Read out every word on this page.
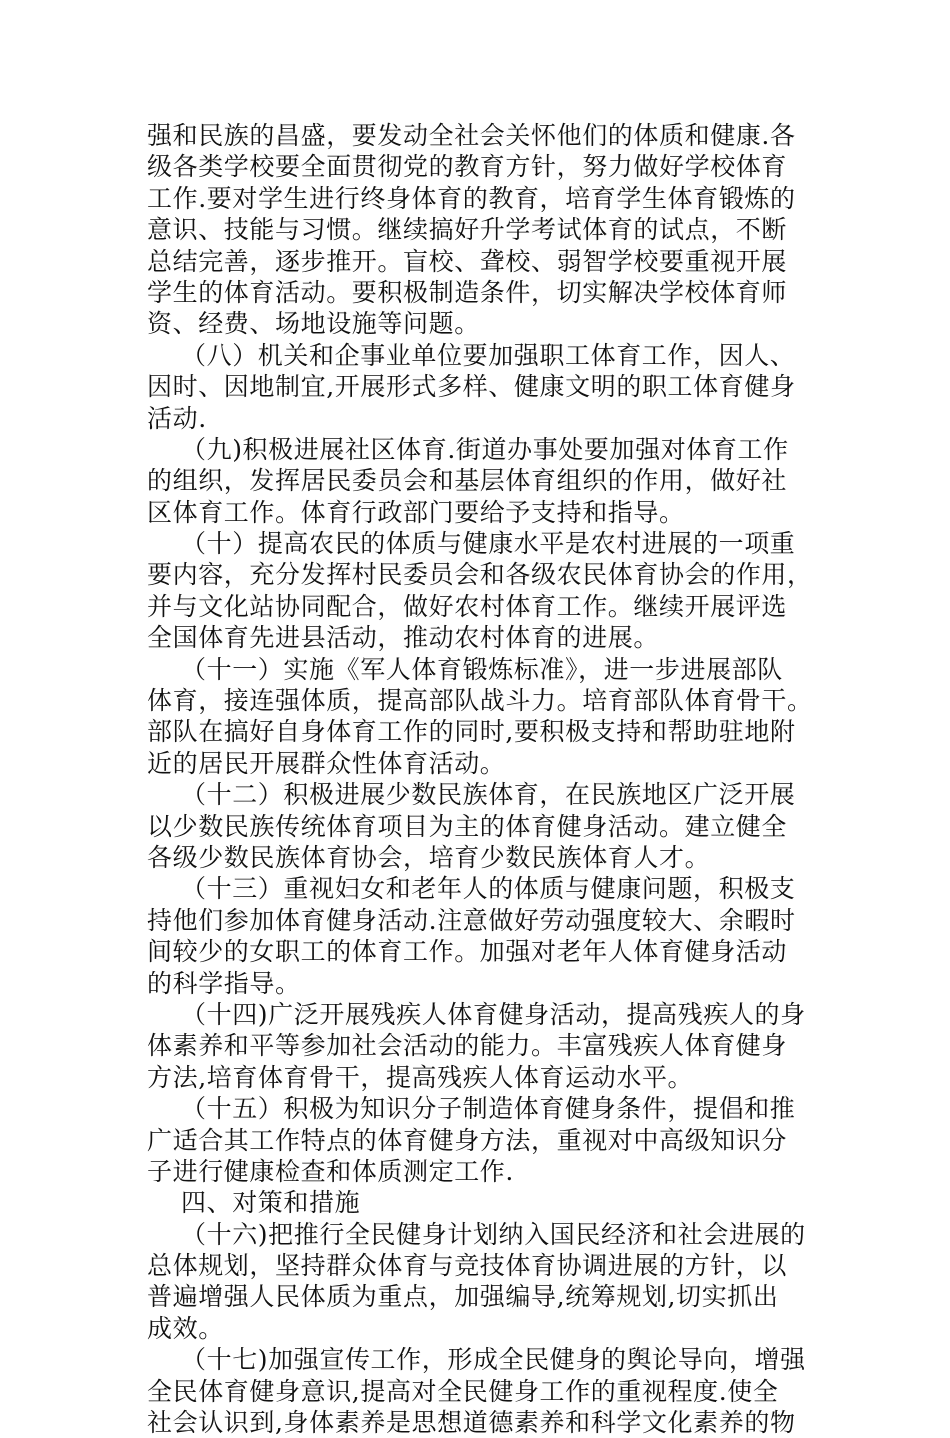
强和民族的昌盛，要发动全社会关怀他们的体质和健康.各
级各类学校要全面贯彻党的教育方针，努力做好学校体育
工作.要对学生进行终身体育的教育，培育学生体育锻炼的
意识、技能与习惯。继续搞好升学考试体育的试点，不断
总结完善，逐步推开。盲校、聋校、弱智学校要重视开展
学生的体育活动。要积极制造条件，切实解决学校体育师
资、经费、场地设施等问题。
（八）机关和企事业单位要加强职工体育工作，因人、
因时、因地制宜,开展形式多样、健康文明的职工体育健身
活动.
（九)积极进展社区体育.街道办事处要加强对体育工作
的组织，发挥居民委员会和基层体育组织的作用，做好社
区体育工作。体育行政部门要给予支持和指导。
（十）提高农民的体质与健康水平是农村进展的一项重
要内容，充分发挥村民委员会和各级农民体育协会的作用，
并与文化站协同配合，做好农村体育工作。继续开展评选
全国体育先进县活动，推动农村体育的进展。
（十一）实施《军人体育锻炼标准》，进一步进展部队
体育，接连强体质，提高部队战斗力。培育部队体育骨干。
部队在搞好自身体育工作的同时,要积极支持和帮助驻地附
近的居民开展群众性体育活动。
（十二）积极进展少数民族体育，在民族地区广泛开展
以少数民族传统体育项目为主的体育健身活动。建立健全
各级少数民族体育协会，培育少数民族体育人才。
（十三）重视妇女和老年人的体质与健康问题，积极支
持他们参加体育健身活动.注意做好劳动强度较大、余暇时
间较少的女职工的体育工作。加强对老年人体育健身活动
的科学指导。
（十四)广泛开展残疾人体育健身活动，提高残疾人的身
体素养和平等参加社会活动的能力。丰富残疾人体育健身
方法,培育体育骨干，提高残疾人体育运动水平。
（十五）积极为知识分子制造体育健身条件，提倡和推
广适合其工作特点的体育健身方法，重视对中高级知识分
子进行健康检查和体质测定工作.
四、对策和措施
（十六)把推行全民健身计划纳入国民经济和社会进展的
总体规划，坚持群众体育与竞技体育协调进展的方针，以
普遍增强人民体质为重点，加强编导,统筹规划,切实抓出
成效。
（十七)加强宣传工作，形成全民健身的舆论导向，增强
全民体育健身意识,提高对全民健身工作的重视程度.使全
社会认识到,身体素养是思想道德素养和科学文化素养的物
